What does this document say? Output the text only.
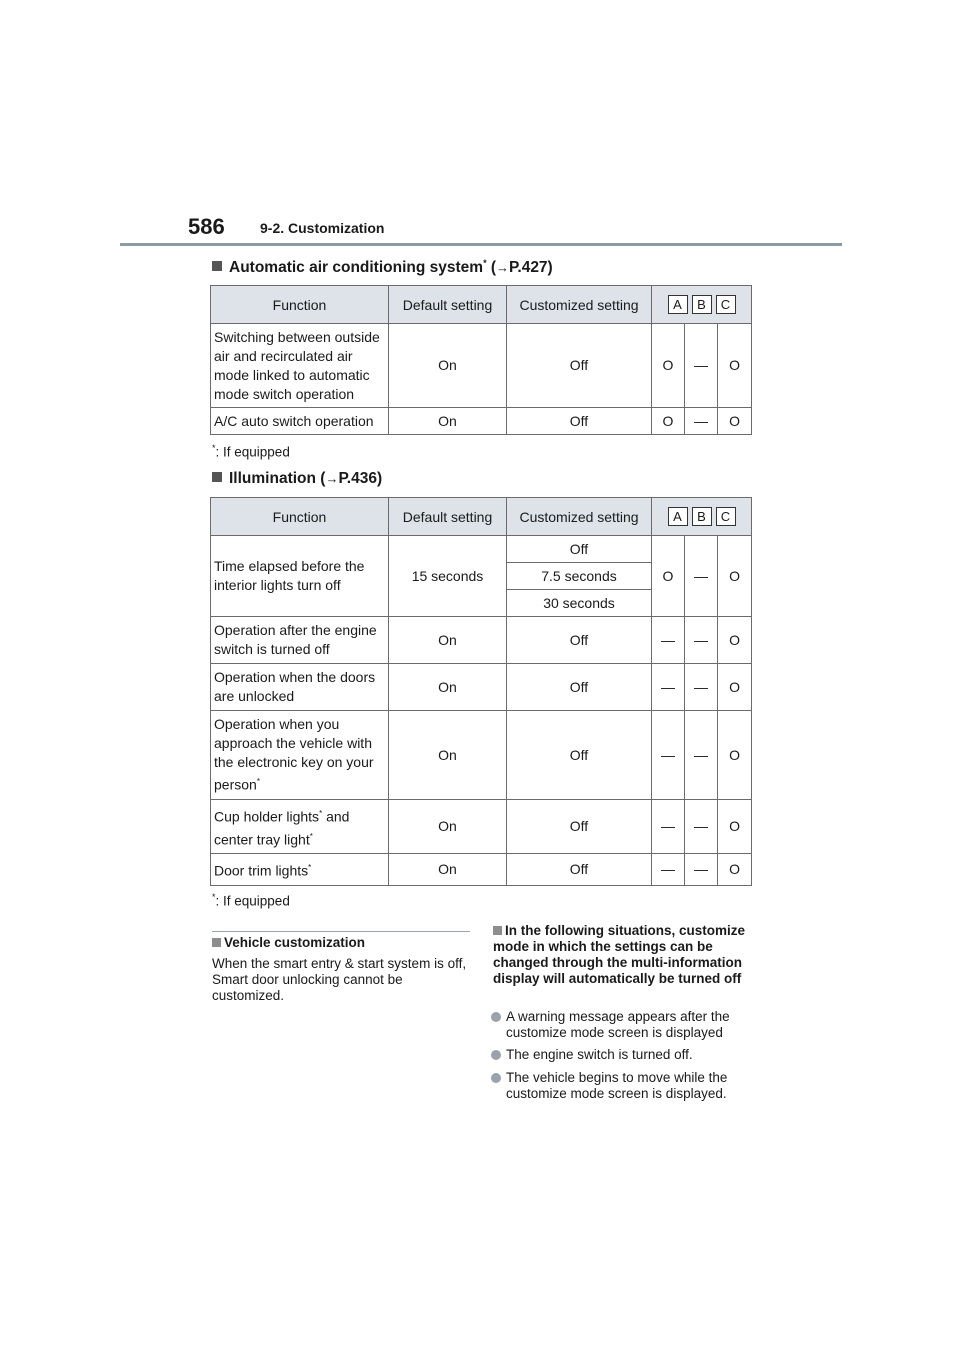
586	9-2. Customization
Automatic air conditioning system* (→P.427)
Function	Default setting	Customized setting	A B C		
Switching between outside air and recirculated air mode linked to automatic mode switch operation	On	Off	O	—	O
A/C auto switch operation	On	Off	O	—	O
*: If equipped
Illumination (→P.436)
Function	Default setting	Customized setting	A B C		
Time elapsed before the interior lights turn off	15 seconds	Off	O	—	O
		7.5 seconds			
		30 seconds			
Operation after the engine switch is turned off	On	Off	—	—	O
Operation when the doors are unlocked	On	Off	—	—	O
Operation when you approach the vehicle with the electronic key on your person*	On	Off	—	—	O
Cup holder lights* and center tray light*	On	Off	—	—	O
Door trim lights*	On	Off	—	—	O
*: If equipped
Vehicle customization
When the smart entry & start system is off, Smart door unlocking cannot be customized.
In the following situations, customize mode in which the settings can be changed through the multi-information display will automatically be turned off
A warning message appears after the customize mode screen is displayed
The engine switch is turned off.
The vehicle begins to move while the customize mode screen is displayed.
